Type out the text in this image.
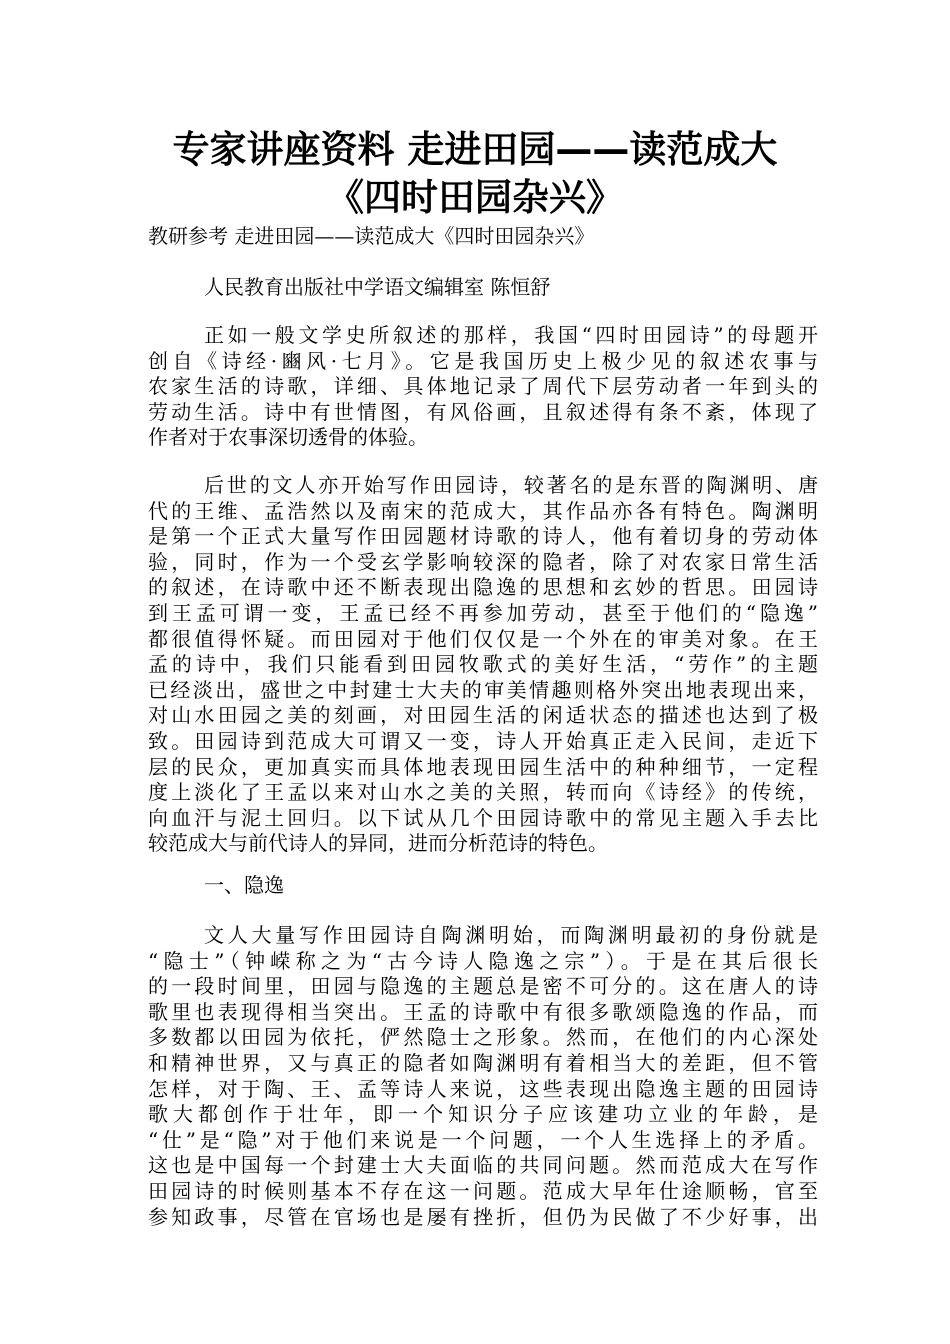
专家讲座资料 走进田园——读范成大
《四时田园杂兴》

教研参考 走进田园——读范成大《四时田园杂兴》

人民教育出版社中学语文编辑室 陈恒舒

正如一般文学史所叙述的那样，我国“四时田园诗”的母题开
创自《诗经·豳风·七月》。它是我国历史上极少见的叙述农事与
农家生活的诗歌，详细、具体地记录了周代下层劳动者一年到头的
劳动生活。诗中有世情图，有风俗画，且叙述得有条不紊，体现了
作者对于农事深切透骨的体验。
后世的文人亦开始写作田园诗，较著名的是东晋的陶渊明、唐
代的王维、孟浩然以及南宋的范成大，其作品亦各有特色。陶渊明
是第一个正式大量写作田园题材诗歌的诗人，他有着切身的劳动体
验，同时，作为一个受玄学影响较深的隐者，除了对农家日常生活
的叙述，在诗歌中还不断表现出隐逸的思想和玄妙的哲思。田园诗
到王孟可谓一变，王孟已经不再参加劳动，甚至于他们的“隐逸”
都很值得怀疑。而田园对于他们仅仅是一个外在的审美对象。在王
孟的诗中，我们只能看到田园牧歌式的美好生活，“劳作”的主题
已经淡出，盛世之中封建士大夫的审美情趣则格外突出地表现出来，
对山水田园之美的刻画，对田园生活的闲适状态的描述也达到了极
致。田园诗到范成大可谓又一变，诗人开始真正走入民间，走近下
层的民众，更加真实而具体地表现田园生活中的种种细节，一定程
度上淡化了王孟以来对山水之美的关照，转而向《诗经》的传统，
向血汗与泥土回归。以下试从几个田园诗歌中的常见主题入手去比
较范成大与前代诗人的异同，进而分析范诗的特色。

一、隐逸

文人大量写作田园诗自陶渊明始，而陶渊明最初的身份就是
“隐士”（钟嵘称之为“古今诗人隐逸之宗”）。于是在其后很长
的一段时间里，田园与隐逸的主题总是密不可分的。这在唐人的诗
歌里也表现得相当突出。王孟的诗歌中有很多歌颂隐逸的作品，而
多数都以田园为依托，俨然隐士之形象。然而，在他们的内心深处
和精神世界，又与真正的隐者如陶渊明有着相当大的差距，但不管
怎样，对于陶、王、孟等诗人来说，这些表现出隐逸主题的田园诗
歌大都创作于壮年，即一个知识分子应该建功立业的年龄，是
“仕”是“隐”对于他们来说是一个问题，一个人生选择上的矛盾。
这也是中国每一个封建士大夫面临的共同问题。然而范成大在写作
田园诗的时候则基本不存在这一问题。范成大早年仕途顺畅，官至
参知政事，尽管在官场也是屡有挫折，但仍为民做了不少好事，出
